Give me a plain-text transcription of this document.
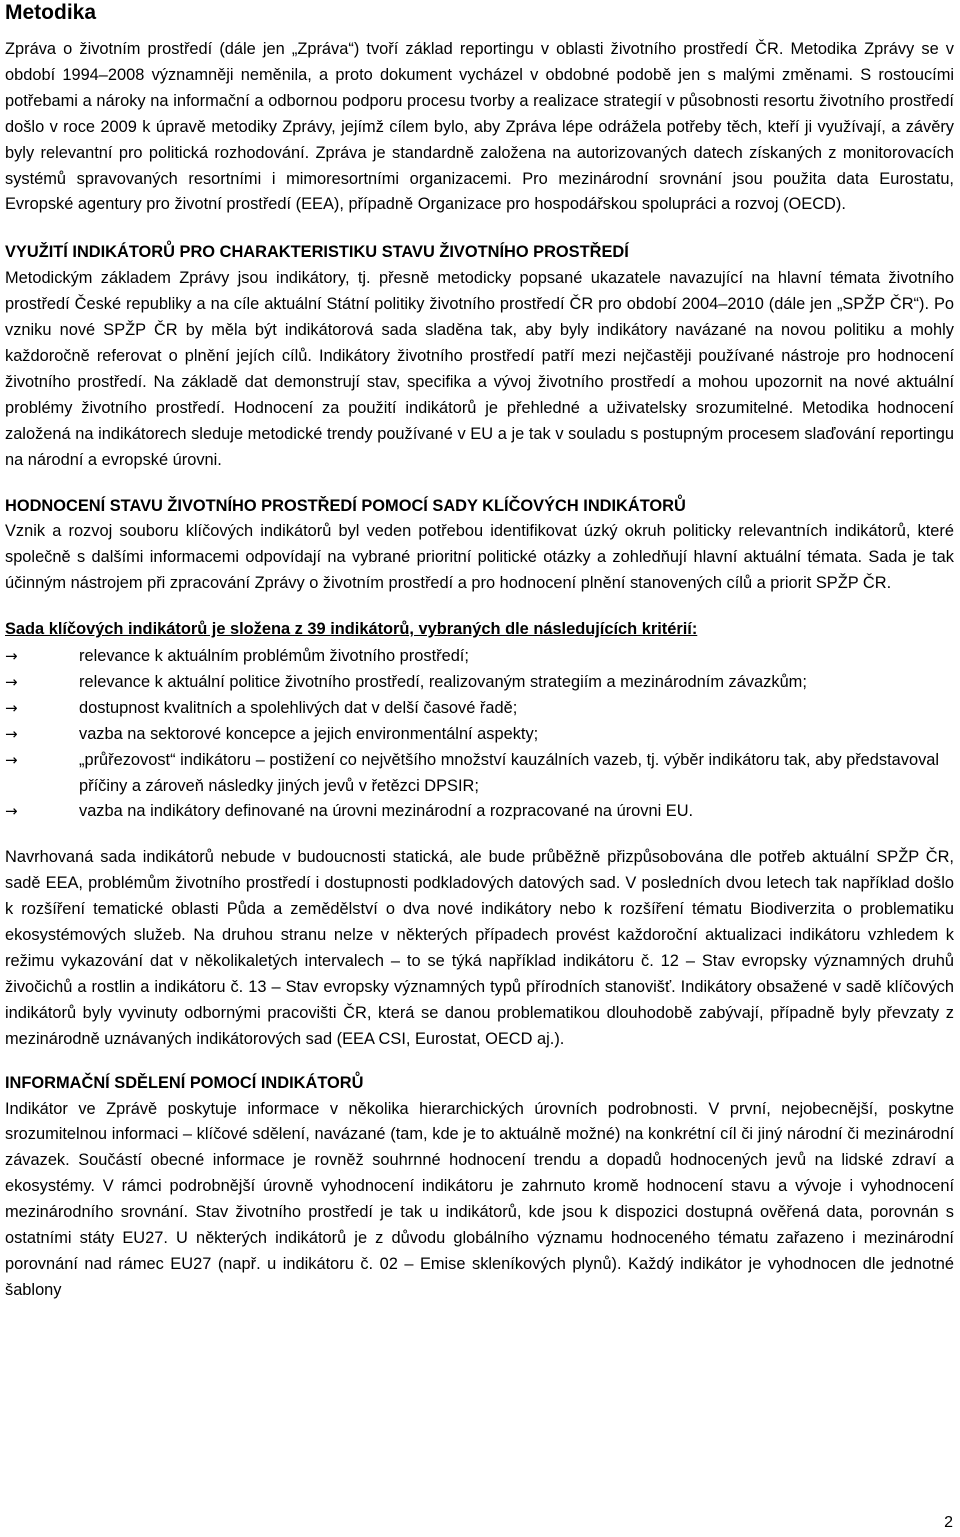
Metodika

Zpráva o životním prostředí (dále jen „Zpráva“) tvoří základ reportingu v oblasti životního prostředí ČR. Metodika Zprávy se v období 1994–2008 významněji neměnila, a proto dokument vycházel v obdobné podobě jen s malými změnami. S rostoucími potřebami a nároky na informační a odbornou podporu procesu tvorby a realizace strategií v působnosti resortu životního prostředí došlo v roce 2009 k úpravě metodiky Zprávy, jejímž cílem bylo, aby Zpráva lépe odrážela potřeby těch, kteří ji využívají, a závěry byly relevantní pro politická rozhodování. Zpráva je standardně založena na autorizovaných datech získaných z monitorovacích systémů spravovaných resortními i mimoresortními organizacemi. Pro mezinárodní srovnání jsou použita data Eurostatu, Evropské agentury pro životní prostředí (EEA), případně Organizace pro hospodářskou spolupráci a rozvoj (OECD).

VYUŽITÍ INDIKÁTORŮ PRO CHARAKTERISTIKU STAVU ŽIVOTNÍHO PROSTŘEDÍ

Metodickým základem Zprávy jsou indikátory, tj. přesně metodicky popsané ukazatele navazující na hlavní témata životního prostředí České republiky a na cíle aktuální Státní politiky životního prostředí ČR pro období 2004–2010 (dále jen „SPŽP ČR“). Po vzniku nové SPŽP ČR by měla být indikátorová sada sladěna tak, aby byly indikátory navázané na novou politiku a mohly každoročně referovat o plnění jejích cílů. Indikátory životního prostředí patří mezi nejčastěji používané nástroje pro hodnocení životního prostředí. Na základě dat demonstrují stav, specifika a vývoj životního prostředí a mohou upozornit na nové aktuální problémy životního prostředí. Hodnocení za použití indikátorů je přehledné a uživatelsky srozumitelné. Metodika hodnocení založená na indikátorech sleduje metodické trendy používané v EU a je tak v souladu s postupným procesem slaďování reportingu na národní a evropské úrovni.

HODNOCENÍ STAVU ŽIVOTNÍHO PROSTŘEDÍ POMOCÍ SADY KLÍČOVÝCH INDIKÁTORŮ

Vznik a rozvoj souboru klíčových indikátorů byl veden potřebou identifikovat úzký okruh politicky relevantních indikátorů, které společně s dalšími informacemi odpovídají na vybrané prioritní politické otázky a zohledňují hlavní aktuální témata. Sada je tak účinným nástrojem při zpracování Zprávy o životním prostředí a pro hodnocení plnění stanovených cílů a priorit SPŽP ČR.

Sada klíčových indikátorů je složena z 39 indikátorů, vybraných dle následujících kritérií:
→	relevance k aktuálním problémům životního prostředí;
→	relevance k aktuální politice životního prostředí, realizovaným strategiím a mezinárodním závazkům;
→	dostupnost kvalitních a spolehlivých dat v delší časové řadě;
→	vazba na sektorové koncepce a jejich environmentální aspekty;
→	„průřezovost“ indikátoru – postižení co největšího množství kauzálních vazeb, tj. výběr indikátoru tak, aby představoval příčiny a zároveň následky jiných jevů v řetězci DPSIR;
→	vazba na indikátory definované na úrovni mezinárodní a rozpracované na úrovni EU.

Navrhovaná sada indikátorů nebude v budoucnosti statická, ale bude průběžně přizpůsobována dle potřeb aktuální SPŽP ČR, sadě EEA, problémům životního prostředí i dostupnosti podkladových datových sad. V posledních dvou letech tak například došlo k rozšíření tematické oblasti Půda a zemědělství o dva nové indikátory nebo k rozšíření tématu Biodiverzita o problematiku ekosystémových služeb. Na druhou stranu nelze v některých případech provést každoroční aktualizaci indikátoru vzhledem k režimu vykazování dat v několikaletých intervalech – to se týká například indikátoru č. 12 – Stav evropsky významných druhů živočichů a rostlin a indikátoru č. 13 – Stav evropsky významných typů přírodních stanovišť. Indikátory obsažené v sadě klíčových indikátorů byly vyvinuty odbornými pracovišti ČR, která se danou problematikou dlouhodobě zabývají, případně byly převzaty z mezinárodně uznávaných indikátorových sad (EEA CSI, Eurostat, OECD aj.).

INFORMAČNÍ SDĚLENÍ POMOCÍ INDIKÁTORŮ

Indikátor ve Zprávě poskytuje informace v několika hierarchických úrovních podrobnosti. V první, nejobecnější, poskytne srozumitelnou informaci – klíčové sdělení, navázané (tam, kde je to aktuálně možné) na konkrétní cíl či jiný národní či mezinárodní závazek. Součástí obecné informace je rovněž souhrnné hodnocení trendu a dopadů hodnocených jevů na lidské zdraví a ekosystémy. V rámci podrobnější úrovně vyhodnocení indikátoru je zahrnuto kromě hodnocení stavu a vývoje i vyhodnocení mezinárodního srovnání. Stav životního prostředí je tak u indikátorů, kde jsou k dispozici dostupná ověřená data, porovnán s ostatními státy EU27. U některých indikátorů je z důvodu globálního významu hodnoceného tématu zařazeno i mezinárodní porovnání nad rámec EU27 (např. u indikátoru č. 02 – Emise skleníkových plynů). Každý indikátor je vyhodnocen dle jednotné šablony

2
